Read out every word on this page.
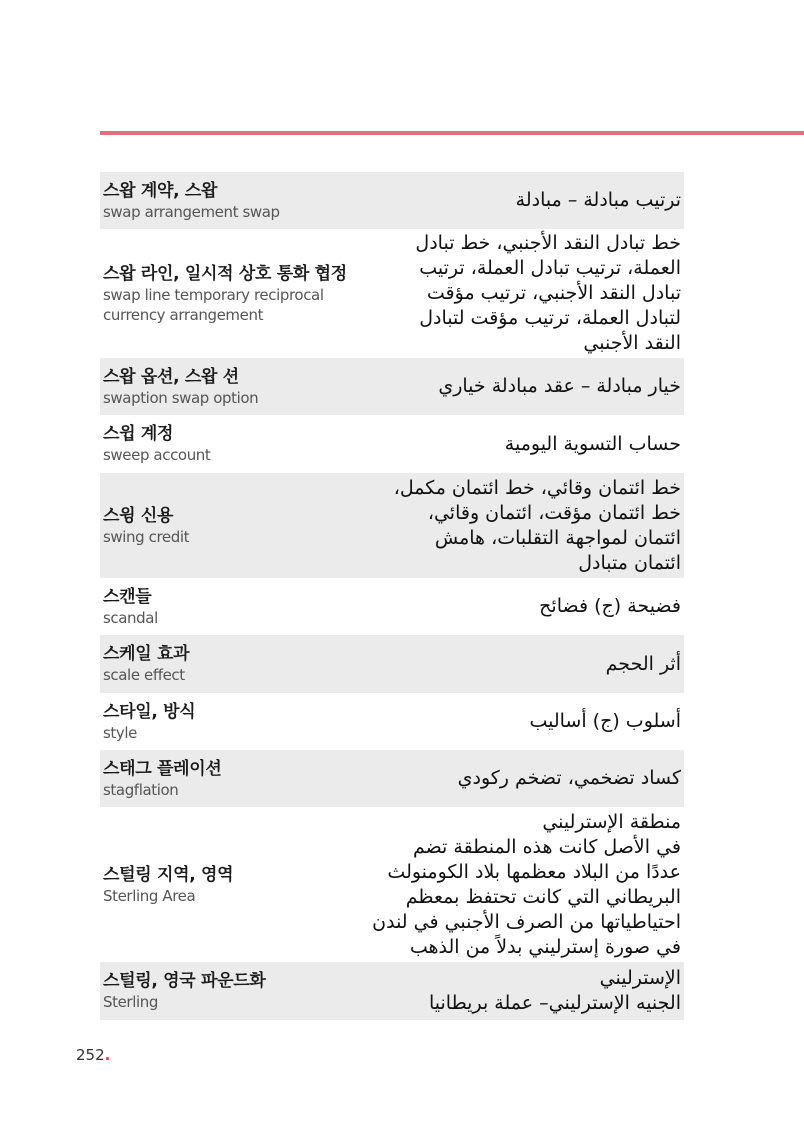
스왑 계약, 스왑
swap arrangement swap
ترتيب مبادلة – مبادلة
스왑 라인, 일시적 상호 통화 협정
swap line temporary reciprocal currency arrangement
خط تبادل النقد الأجنبي، خط تبادل
العملة، ترتيب تبادل العملة، ترتيب
تبادل النقد الأجنبي، ترتيب مؤقت
لتبادل العملة، ترتيب مؤقت لتبادل
النقد الأجنبي
스왑 옵션, 스왑 션
swaption swap option
خيار مبادلة – عقد مبادلة خياري
스윕 계정
sweep account
حساب التسوية اليومية
스윙 신용
swing credit
خط ائتمان وقائي، خط ائتمان مكمل،
خط ائتمان مؤقت، ائتمان وقائي،
ائتمان لمواجهة التقلبات، هامش
ائتمان متبادل
스캔들
scandal
فضيحة (ج) فضائح
스케일 효과
scale effect
أثر الحجم
스타일, 방식
style
أسلوب (ج) أساليب
스태그 플레이션
stagflation
كساد تضخمي، تضخم ركودي
스털링 지역, 영역
Sterling Area
منطقة الإسترليني
في الأصل كانت هذه المنطقة تضم
عددًا من البلاد معظمها بلاد الكومنولث
البريطاني التي كانت تحتفظ بمعظم
احتياطياتها من الصرف الأجنبي في لندن
في صورة إسترليني بدلاً من الذهب
스털링, 영국 파운드화
Sterling
الإسترليني
الجنيه الإسترليني– عملة بريطانيا
252.
